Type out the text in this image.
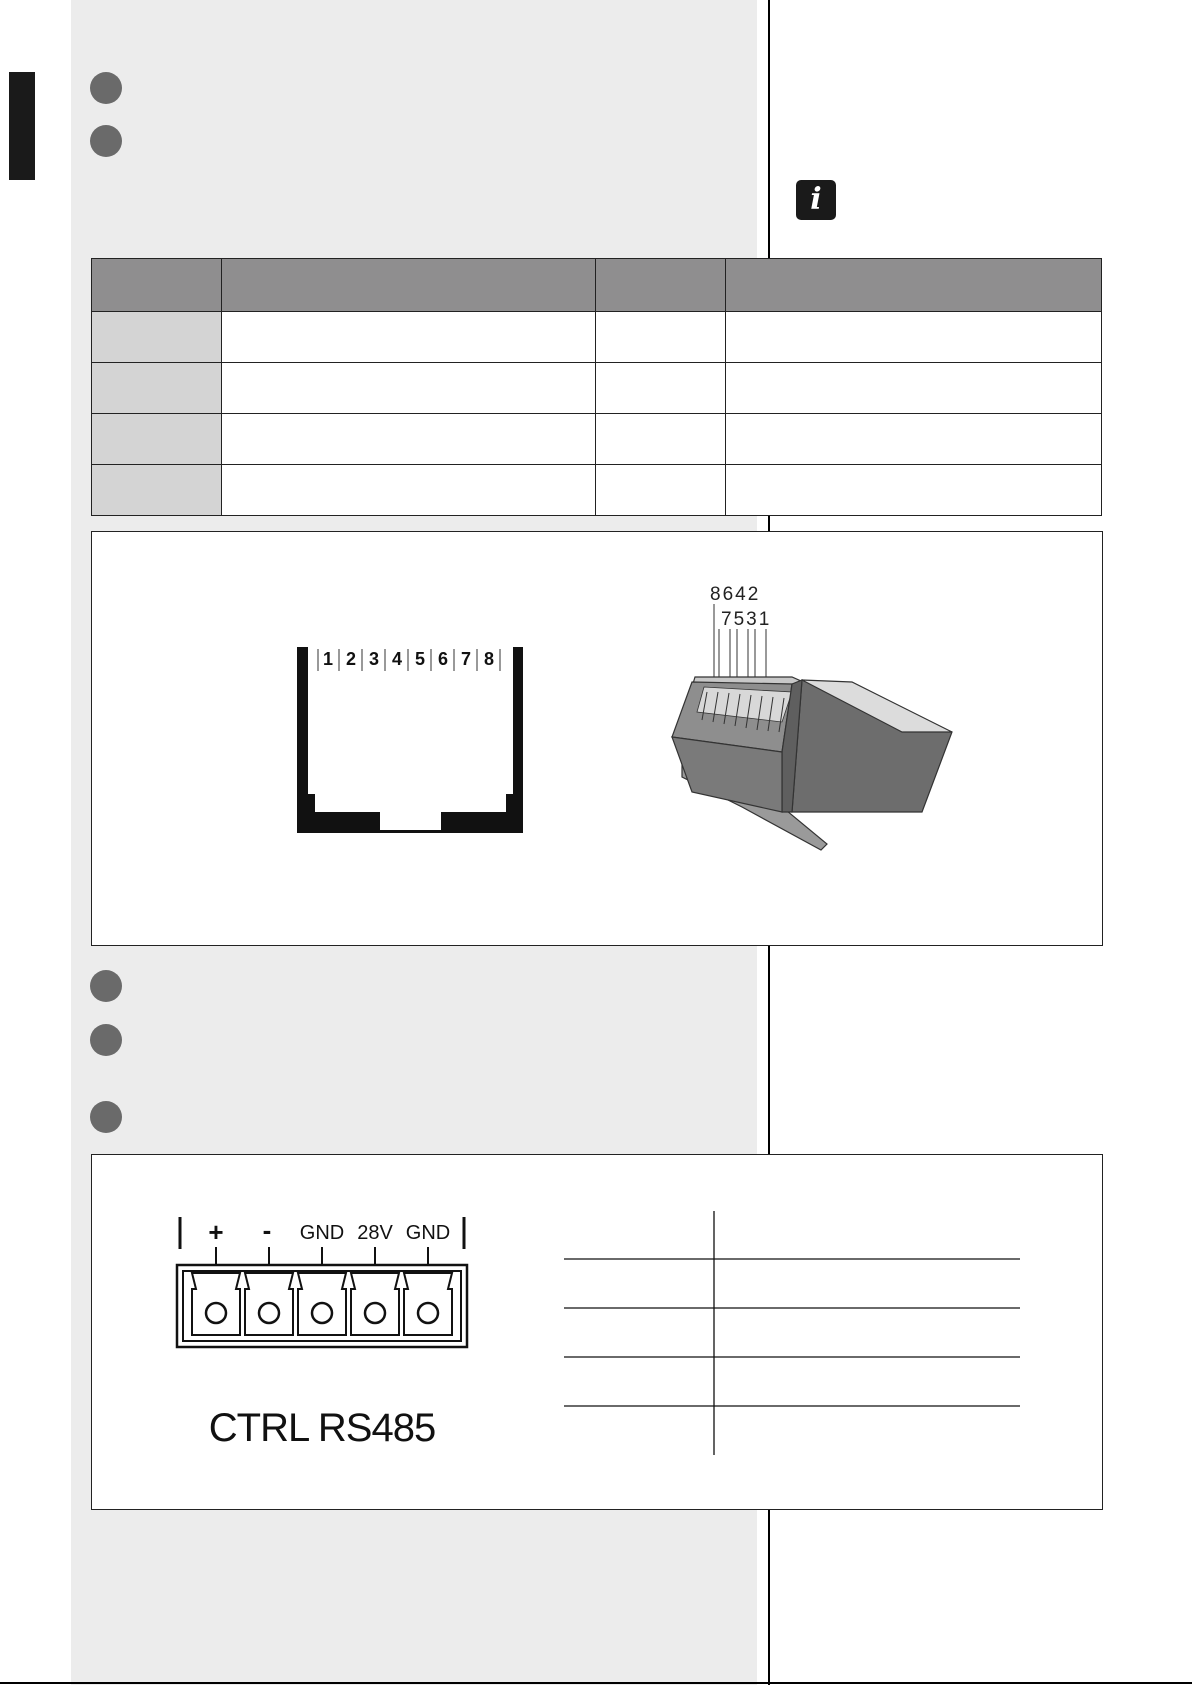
i

1 2 3 4 5 6 7 8
8642
7531
+ - GND 28V GND
CTRL RS485
